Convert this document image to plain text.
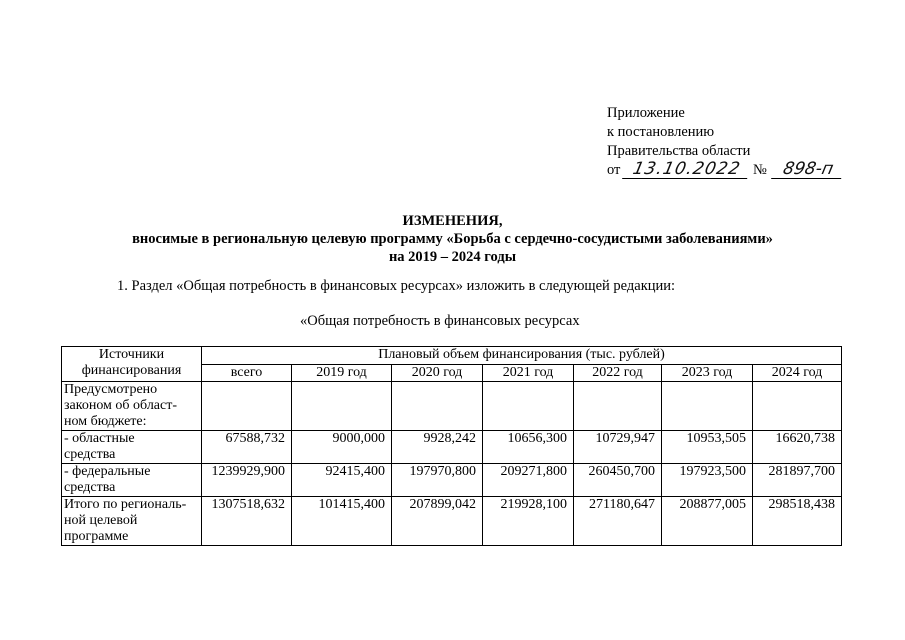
Приложение
к постановлению
Правительства области
от 13.10.2022 № 898-п
ИЗМЕНЕНИЯ,
вносимые в региональную целевую программу «Борьба с сердечно-сосудистыми заболеваниями»
на 2019 – 2024 годы
1. Раздел «Общая потребность в финансовых ресурсах» изложить в следующей редакции:
«Общая потребность в финансовых ресурсах
Источники
финансирования	Плановый объем финансирования (тыс. рублей)						
	всего	2019 год	2020 год	2021 год	2022 год	2023 год	2024 год

Предусмотрено
законом об област-
ном бюджете:							

- областные
средства	67588,732	9000,000	9928,242	10656,300	10729,947	10953,505	16620,738

- федеральные
средства	1239929,900	92415,400	197970,800	209271,800	260450,700	197923,500	281897,700

Итого по региональ-
ной целевой
программе	1307518,632	101415,400	207899,042	219928,100	271180,647	208877,005	298518,438
